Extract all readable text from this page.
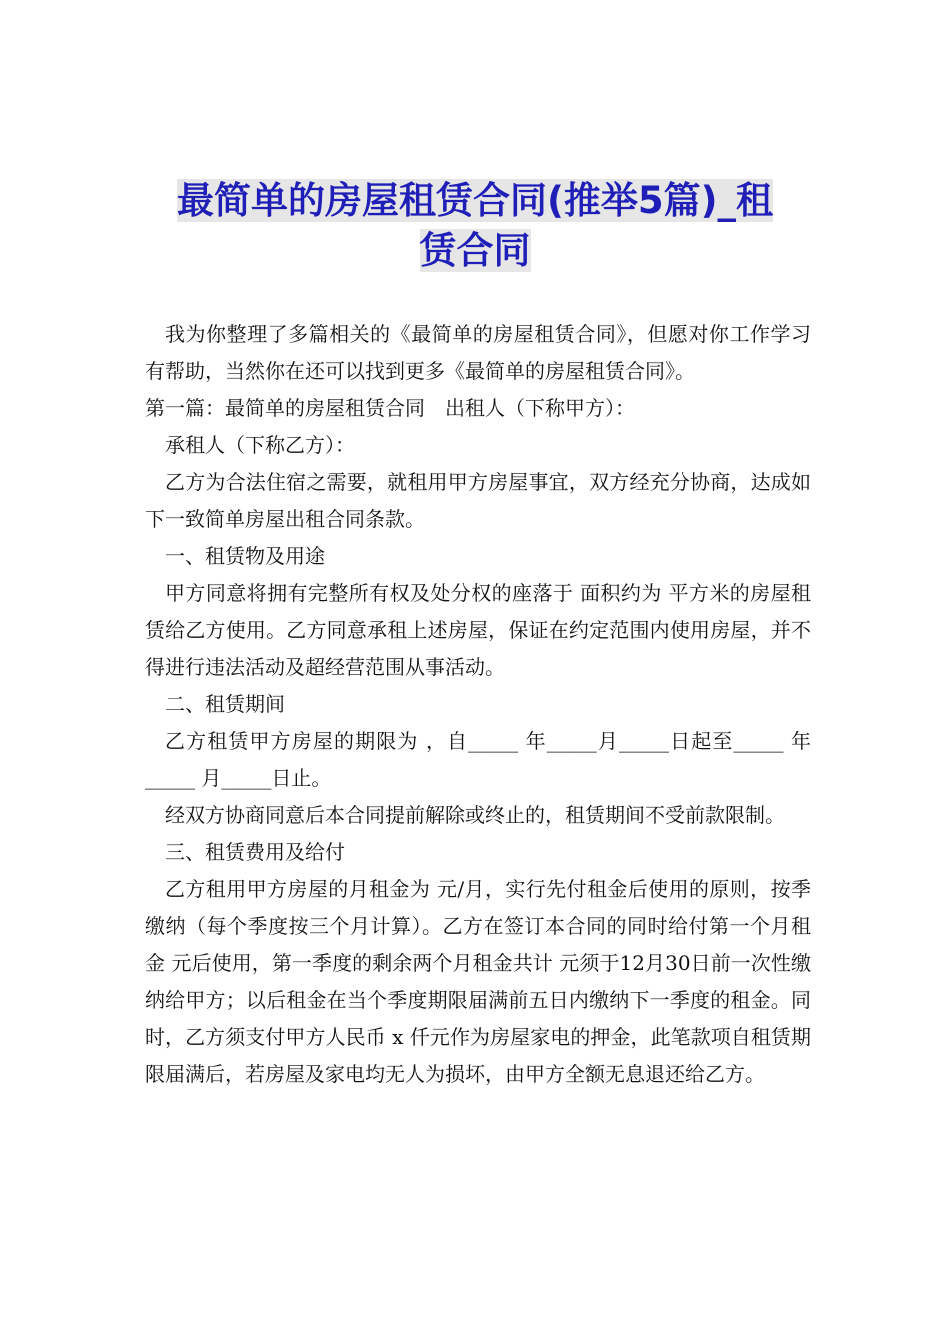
最简单的房屋租赁合同(推举5篇)_租
赁合同

我为你整理了多篇相关的《最简单的房屋租赁合同》，但愿对你工作学习有帮助，当然你在还可以找到更多《最简单的房屋租赁合同》。

第一篇：最简单的房屋租赁合同　出租人（下称甲方）：

承租人（下称乙方）：

乙方为合法住宿之需要，就租用甲方房屋事宜，双方经充分协商，达成如下一致简单房屋出租合同条款。

一、租赁物及用途

甲方同意将拥有完整所有权及处分权的座落于 面积约为 平方米的房屋租赁给乙方使用。乙方同意承租上述房屋，保证在约定范围内使用房屋，并不得进行违法活动及超经营范围从事活动。

二、租赁期间

乙方租赁甲方房屋的期限为 ，自_____ 年_____月_____日起至_____ 年_____ 月_____日止。

经双方协商同意后本合同提前解除或终止的，租赁期间不受前款限制。

三、租赁费用及给付

乙方租用甲方房屋的月租金为 元/月，实行先付租金后使用的原则，按季缴纳（每个季度按三个月计算）。乙方在签订本合同的同时给付第一个月租金 元后使用，第一季度的剩余两个月租金共计 元须于12月30日前一次性缴纳给甲方；以后租金在当个季度期限届满前五日内缴纳下一季度的租金。同时，乙方须支付甲方人民币 x 仟元作为房屋家电的押金，此笔款项自租赁期限届满后，若房屋及家电均无人为损坏，由甲方全额无息退还给乙方。
